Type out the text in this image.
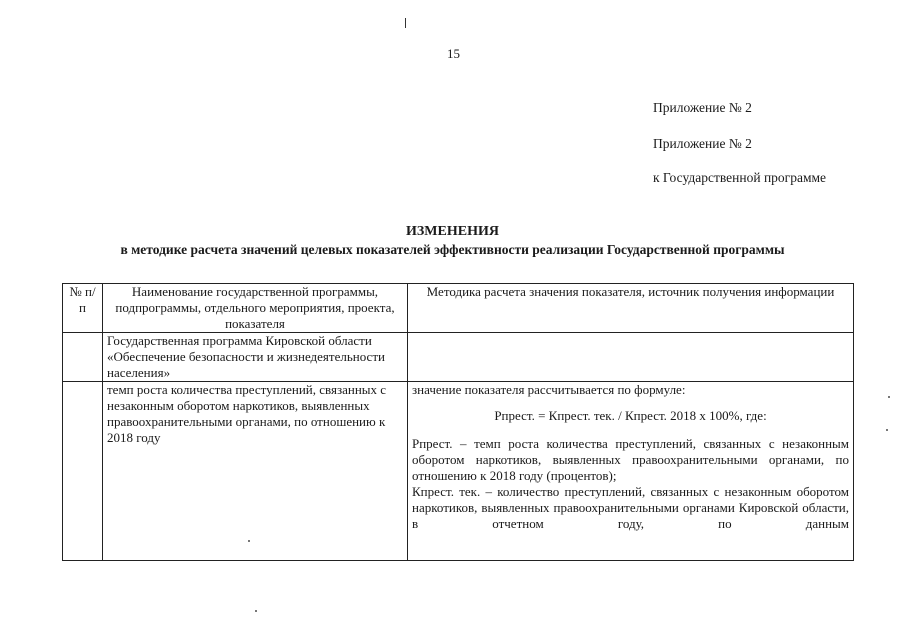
15
Приложение № 2
Приложение № 2
к Государственной программе
ИЗМЕНЕНИЯ
в методике расчета значений целевых показателей эффективности реализации Государственной программы
№ п/п	Наименование государственной программы, подпрограммы, отдельного мероприятия, проекта, показателя	Методика расчета значения показателя, источник получения информации
	Государственная программа Кировской области «Обеспечение безопасности и жизнедеятельности населения»	
	темп роста количества преступлений, связанных с незаконным оборотом наркотиков, выявленных правоохранительными органами, по отношению к 2018 году	значение показателя рассчитывается по формуле:
Рпрест. = Кпрест. тек. / Кпрест. 2018 х 100%, где:
Рпрест. – темп роста количества преступлений, связанных с незаконным оборотом наркотиков, выявленных правоохранительными органами, по отношению к 2018 году (процентов);
Кпрест. тек. – количество преступлений, связанных с незаконным оборотом наркотиков, выявленных правоохранительными органами Кировской области, в отчетном году, по данным
